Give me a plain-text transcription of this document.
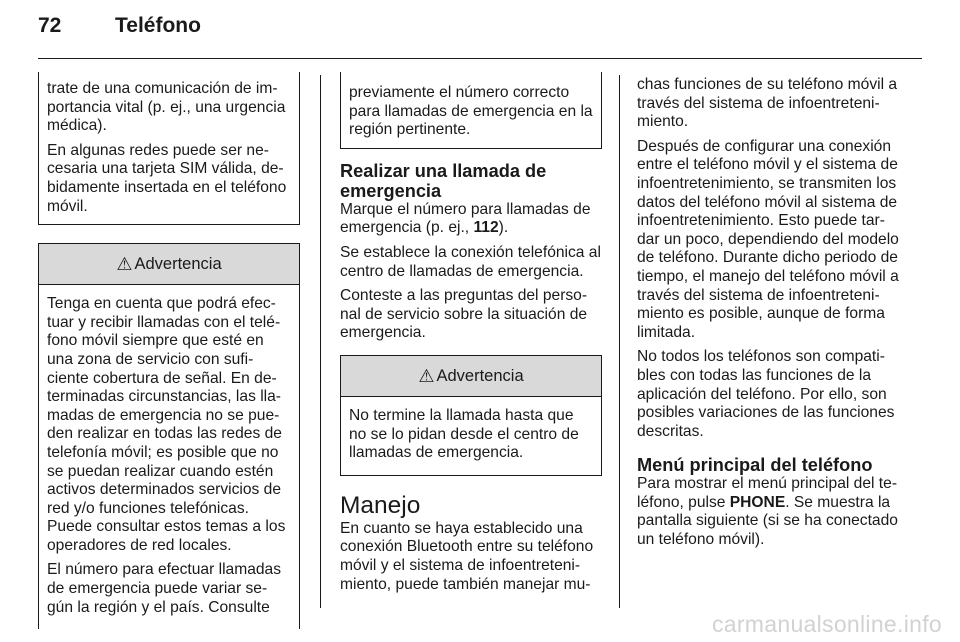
72	Teléfono

trate de una comunicación de im-portancia vital (p. ej., una urgencia médica).

En algunas redes puede ser ne-cesaria una tarjeta SIM válida, de-bidamente insertada en el teléfono móvil.

⚠ Advertencia

Tenga en cuenta que podrá efec-tuar y recibir llamadas con el telé-fono móvil siempre que esté en una zona de servicio con sufi-ciente cobertura de señal. En de-terminadas circunstancias, las lla-madas de emergencia no se pue-den realizar en todas las redes de telefonía móvil; es posible que no se puedan realizar cuando estén activos determinados servicios de red y/o funciones telefónicas. Puede consultar estos temas a los operadores de red locales.

El número para efectuar llamadas de emergencia puede variar se-gún la región y el país. Consulte

previamente el número correcto para llamadas de emergencia en la región pertinente.

Realizar una llamada de emergencia

Marque el número para llamadas de emergencia (p. ej., 112).

Se establece la conexión telefónica al centro de llamadas de emergencia.

Conteste a las preguntas del perso-nal de servicio sobre la situación de emergencia.

⚠ Advertencia

No termine la llamada hasta que no se lo pidan desde el centro de llamadas de emergencia.

Manejo

En cuanto se haya establecido una conexión Bluetooth entre su teléfono móvil y el sistema de infoentreteni-miento, puede también manejar mu-

chas funciones de su teléfono móvil a través del sistema de infoentreteni-miento.

Después de configurar una conexión entre el teléfono móvil y el sistema de infoentretenimiento, se transmiten los datos del teléfono móvil al sistema de infoentretenimiento. Esto puede tar-dar un poco, dependiendo del modelo de teléfono. Durante dicho periodo de tiempo, el manejo del teléfono móvil a través del sistema de infoentreteni-miento es posible, aunque de forma limitada.

No todos los teléfonos son compati-bles con todas las funciones de la aplicación del teléfono. Por ello, son posibles variaciones de las funciones descritas.

Menú principal del teléfono

Para mostrar el menú principal del te-léfono, pulse PHONE. Se muestra la pantalla siguiente (si se ha conectado un teléfono móvil).

carmanualsonline.info
